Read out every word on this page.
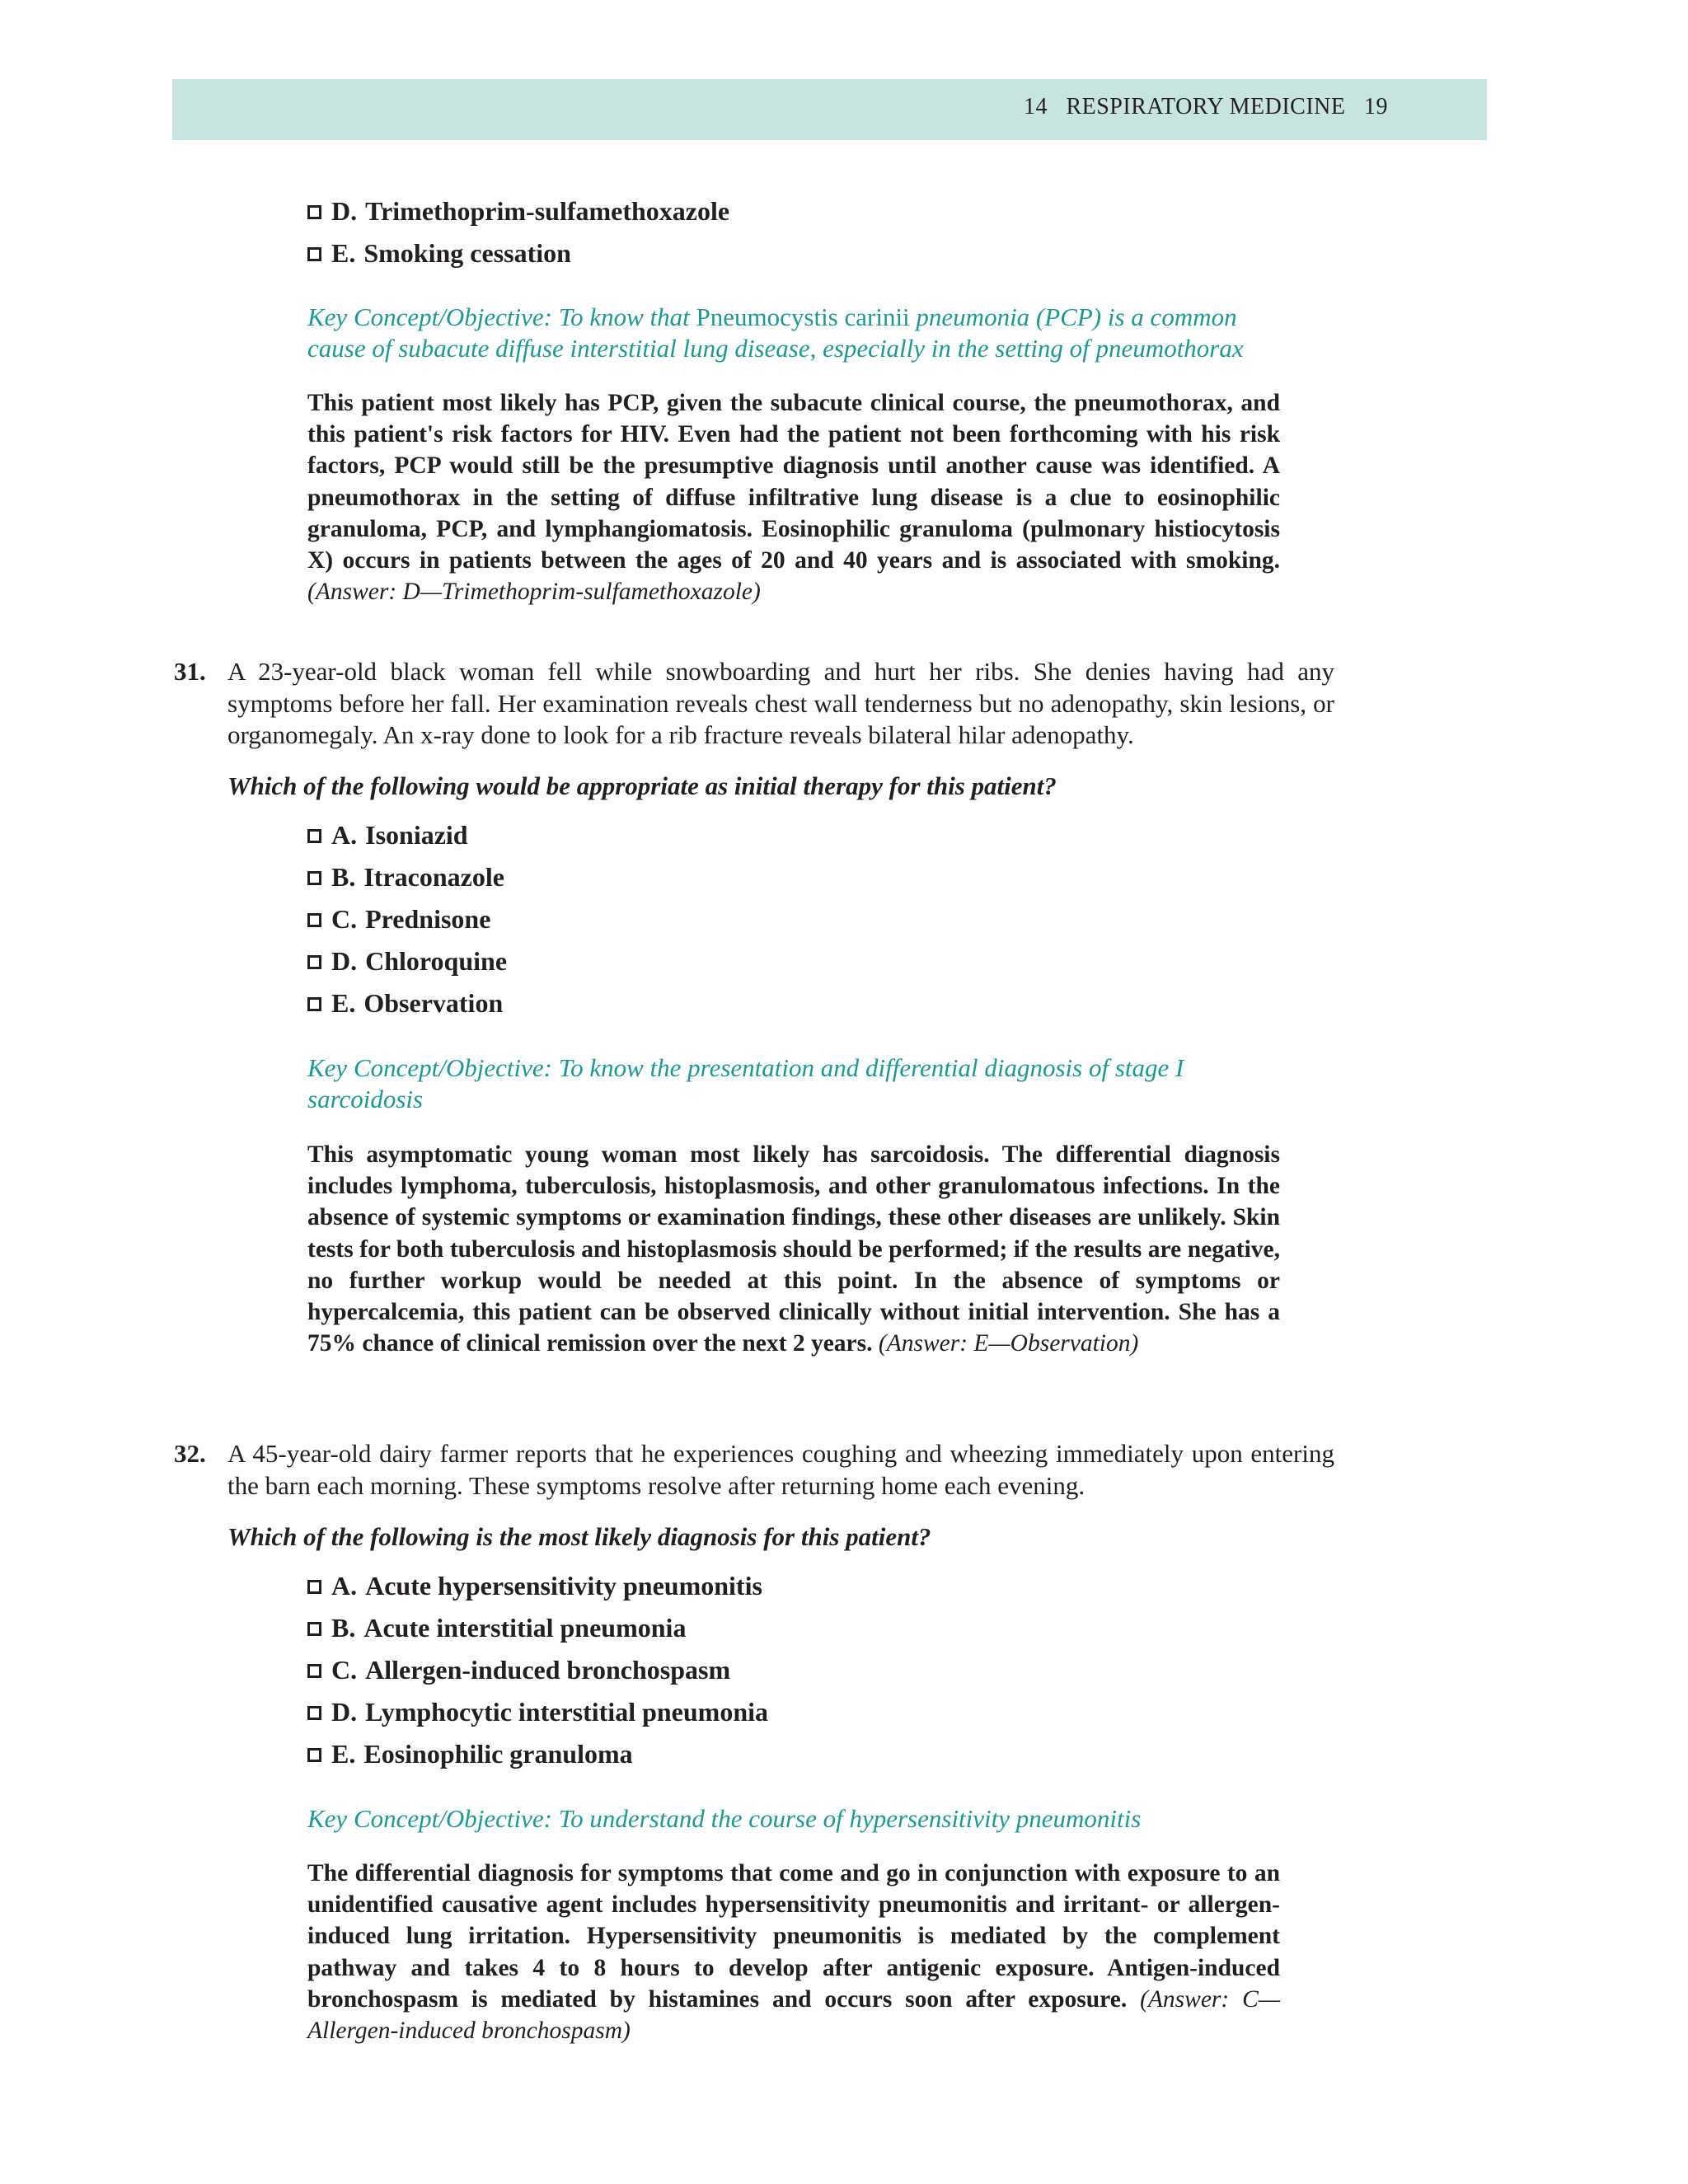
14 RESPIRATORY MEDICINE 19
D. Trimethoprim-sulfamethoxazole
E. Smoking cessation
Key Concept/Objective: To know that Pneumocystis carinii pneumonia (PCP) is a common cause of subacute diffuse interstitial lung disease, especially in the setting of pneumothorax
This patient most likely has PCP, given the subacute clinical course, the pneumothorax, and this patient's risk factors for HIV. Even had the patient not been forthcoming with his risk factors, PCP would still be the presumptive diagnosis until another cause was identified. A pneumothorax in the setting of diffuse infiltrative lung disease is a clue to eosinophilic granuloma, PCP, and lymphangiomatosis. Eosinophilic granuloma (pulmonary histiocytosis X) occurs in patients between the ages of 20 and 40 years and is associated with smoking. (Answer: D—Trimethoprim-sulfamethoxazole)
31. A 23-year-old black woman fell while snowboarding and hurt her ribs. She denies having had any symptoms before her fall. Her examination reveals chest wall tenderness but no adenopathy, skin lesions, or organomegaly. An x-ray done to look for a rib fracture reveals bilateral hilar adenopathy.
Which of the following would be appropriate as initial therapy for this patient?
A. Isoniazid
B. Itraconazole
C. Prednisone
D. Chloroquine
E. Observation
Key Concept/Objective: To know the presentation and differential diagnosis of stage I sarcoidosis
This asymptomatic young woman most likely has sarcoidosis. The differential diagnosis includes lymphoma, tuberculosis, histoplasmosis, and other granulomatous infections. In the absence of systemic symptoms or examination findings, these other diseases are unlikely. Skin tests for both tuberculosis and histoplasmosis should be performed; if the results are negative, no further workup would be needed at this point. In the absence of symptoms or hypercalcemia, this patient can be observed clinically without initial intervention. She has a 75% chance of clinical remission over the next 2 years. (Answer: E—Observation)
32. A 45-year-old dairy farmer reports that he experiences coughing and wheezing immediately upon entering the barn each morning. These symptoms resolve after returning home each evening.
Which of the following is the most likely diagnosis for this patient?
A. Acute hypersensitivity pneumonitis
B. Acute interstitial pneumonia
C. Allergen-induced bronchospasm
D. Lymphocytic interstitial pneumonia
E. Eosinophilic granuloma
Key Concept/Objective: To understand the course of hypersensitivity pneumonitis
The differential diagnosis for symptoms that come and go in conjunction with exposure to an unidentified causative agent includes hypersensitivity pneumonitis and irritant- or allergen-induced lung irritation. Hypersensitivity pneumonitis is mediated by the complement pathway and takes 4 to 8 hours to develop after antigenic exposure. Antigen-induced bronchospasm is mediated by histamines and occurs soon after exposure. (Answer: C—Allergen-induced bronchospasm)
